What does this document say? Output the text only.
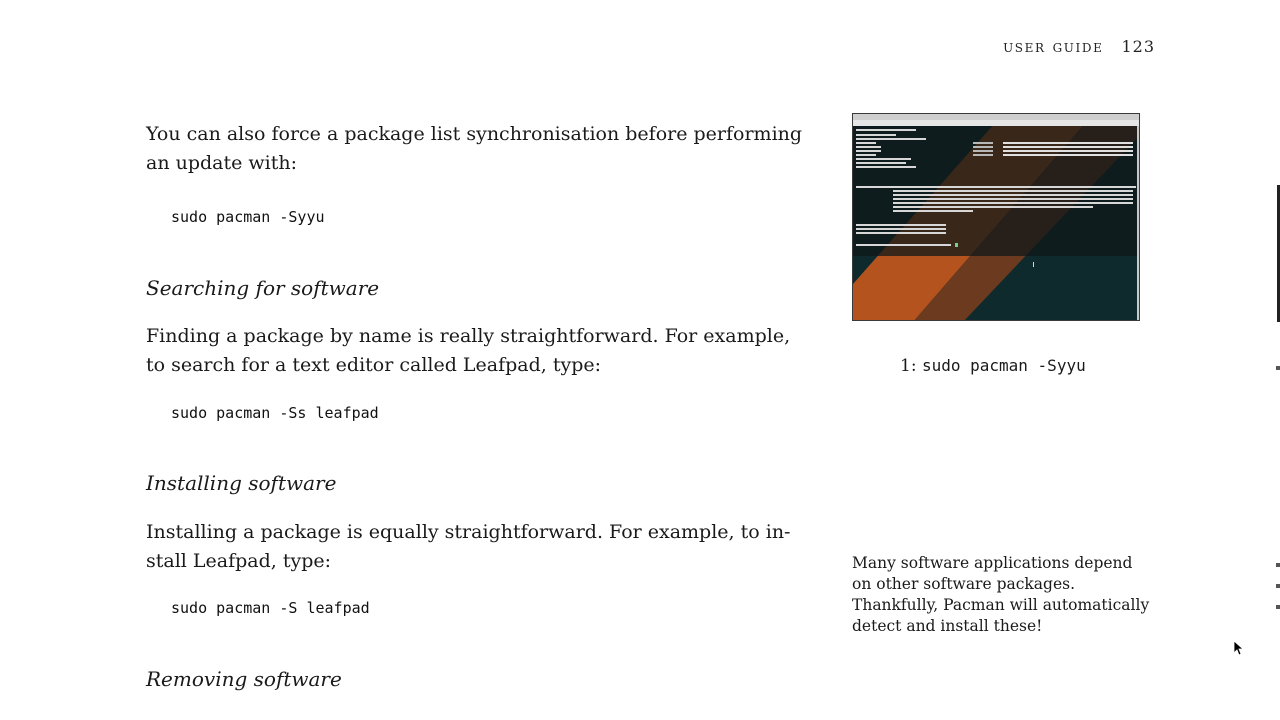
user guide 123

You can also force a package list synchronisation before performing an update with:

sudo pacman -Syyu
Searching for software

Finding a package by name is really straightforward. For example, to search for a text editor called Leafpad, type:

sudo pacman -Ss leafpad
Installing software

Installing a package is equally straightforward. For example, to in-
stall Leafpad, type:

sudo pacman -S leafpad
Removing software
1: sudo pacman -Syyu

Many software applications depend on other software packages. Thankfully, Pacman will automatically detect and install these!
